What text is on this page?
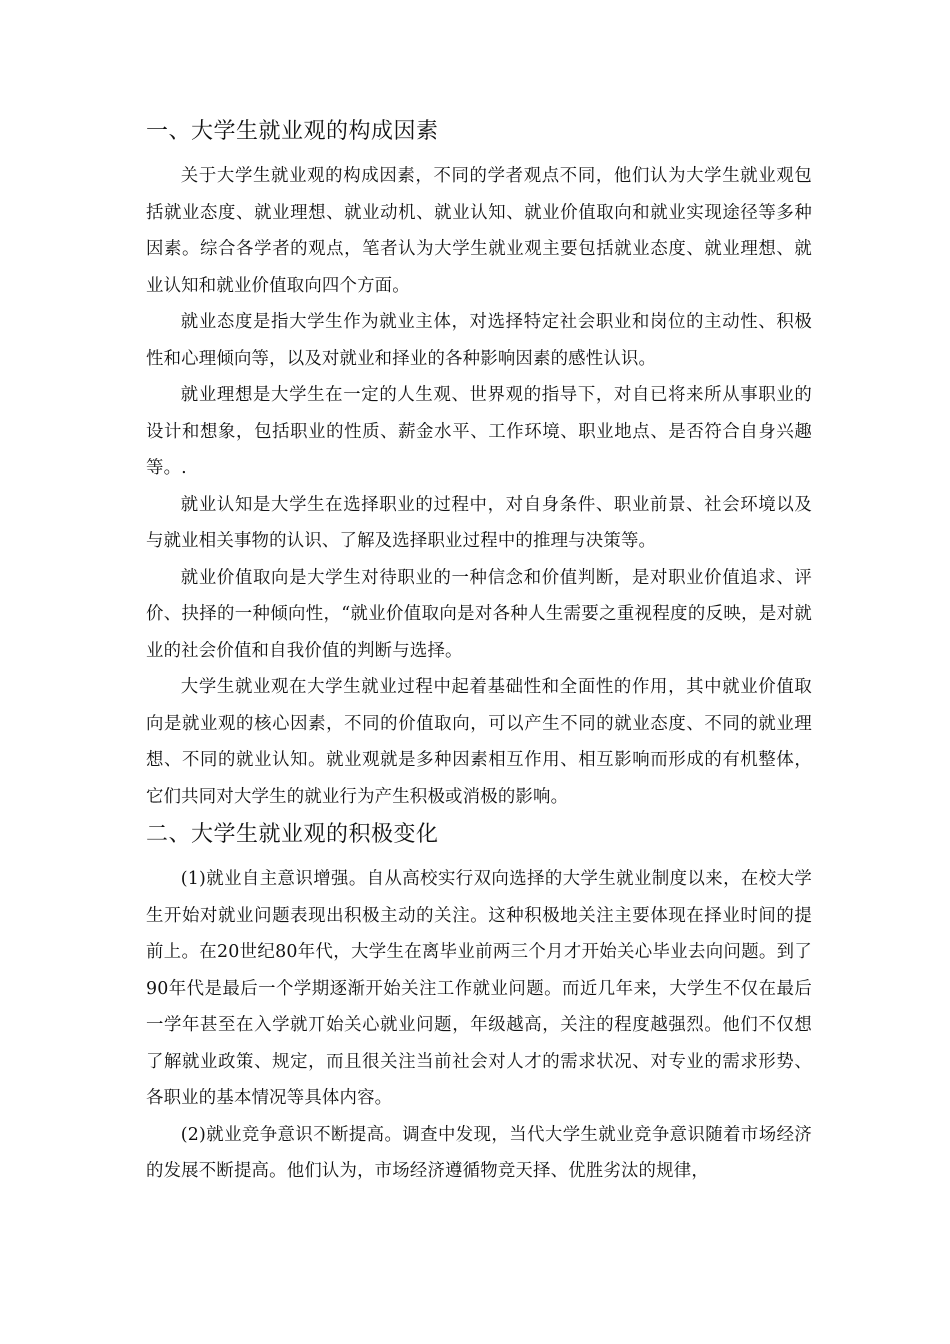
一、大学生就业观的构成因素

关于大学生就业观的构成因素，不同的学者观点不同，他们认为大学生就业观包括就业态度、就业理想、就业动机、就业认知、就业价值取向和就业实现途径等多种因素。综合各学者的观点，笔者认为大学生就业观主要包括就业态度、就业理想、就业认知和就业价值取向四个方面。

就业态度是指大学生作为就业主体，对选择特定社会职业和岗位的主动性、积极性和心理倾向等，以及对就业和择业的各种影响因素的感性认识。

就业理想是大学生在一定的人生观、世界观的指导下，对自已将来所从事职业的设计和想象，包括职业的性质、薪金水平、工作环境、职业地点、是否符合自身兴趣等。.

就业认知是大学生在选择职业的过程中，对自身条件、职业前景、社会环境以及与就业相关事物的认识、了解及选择职业过程中的推理与决策等。

就业价值取向是大学生对待职业的一种信念和价值判断，是对职业价值追求、评价、抉择的一种倾向性，“就业价值取向是对各种人生需要之重视程度的反映，是对就业的社会价值和自我价值的判断与选择。

大学生就业观在大学生就业过程中起着基础性和全面性的作用，其中就业价值取向是就业观的核心因素，不同的价值取向，可以产生不同的就业态度、不同的就业理想、不同的就业认知。就业观就是多种因素相互作用、相互影响而形成的有机整体，它们共同对大学生的就业行为产生积极或消极的影响。

二、大学生就业观的积极变化

(1)就业自主意识增强。自从高校实行双向选择的大学生就业制度以来，在校大学生开始对就业问题表现出积极主动的关注。这种积极地关注主要体现在择业时间的提前上。在20世纪80年代，大学生在离毕业前两三个月才开始关心毕业去向问题。到了90年代是最后一个学期逐渐开始关注工作就业问题。而近几年来，大学生不仅在最后一学年甚至在入学就丌始关心就业问题，年级越高，关注的程度越强烈。他们不仅想了解就业政策、规定，而且很关注当前社会对人才的需求状况、对专业的需求形势、各职业的基本情况等具体内容。

(2)就业竞争意识不断提高。调查中发现，当代大学生就业竞争意识随着市场经济的发展不断提高。他们认为，市场经济遵循物竞天择、优胜劣汰的规律，
